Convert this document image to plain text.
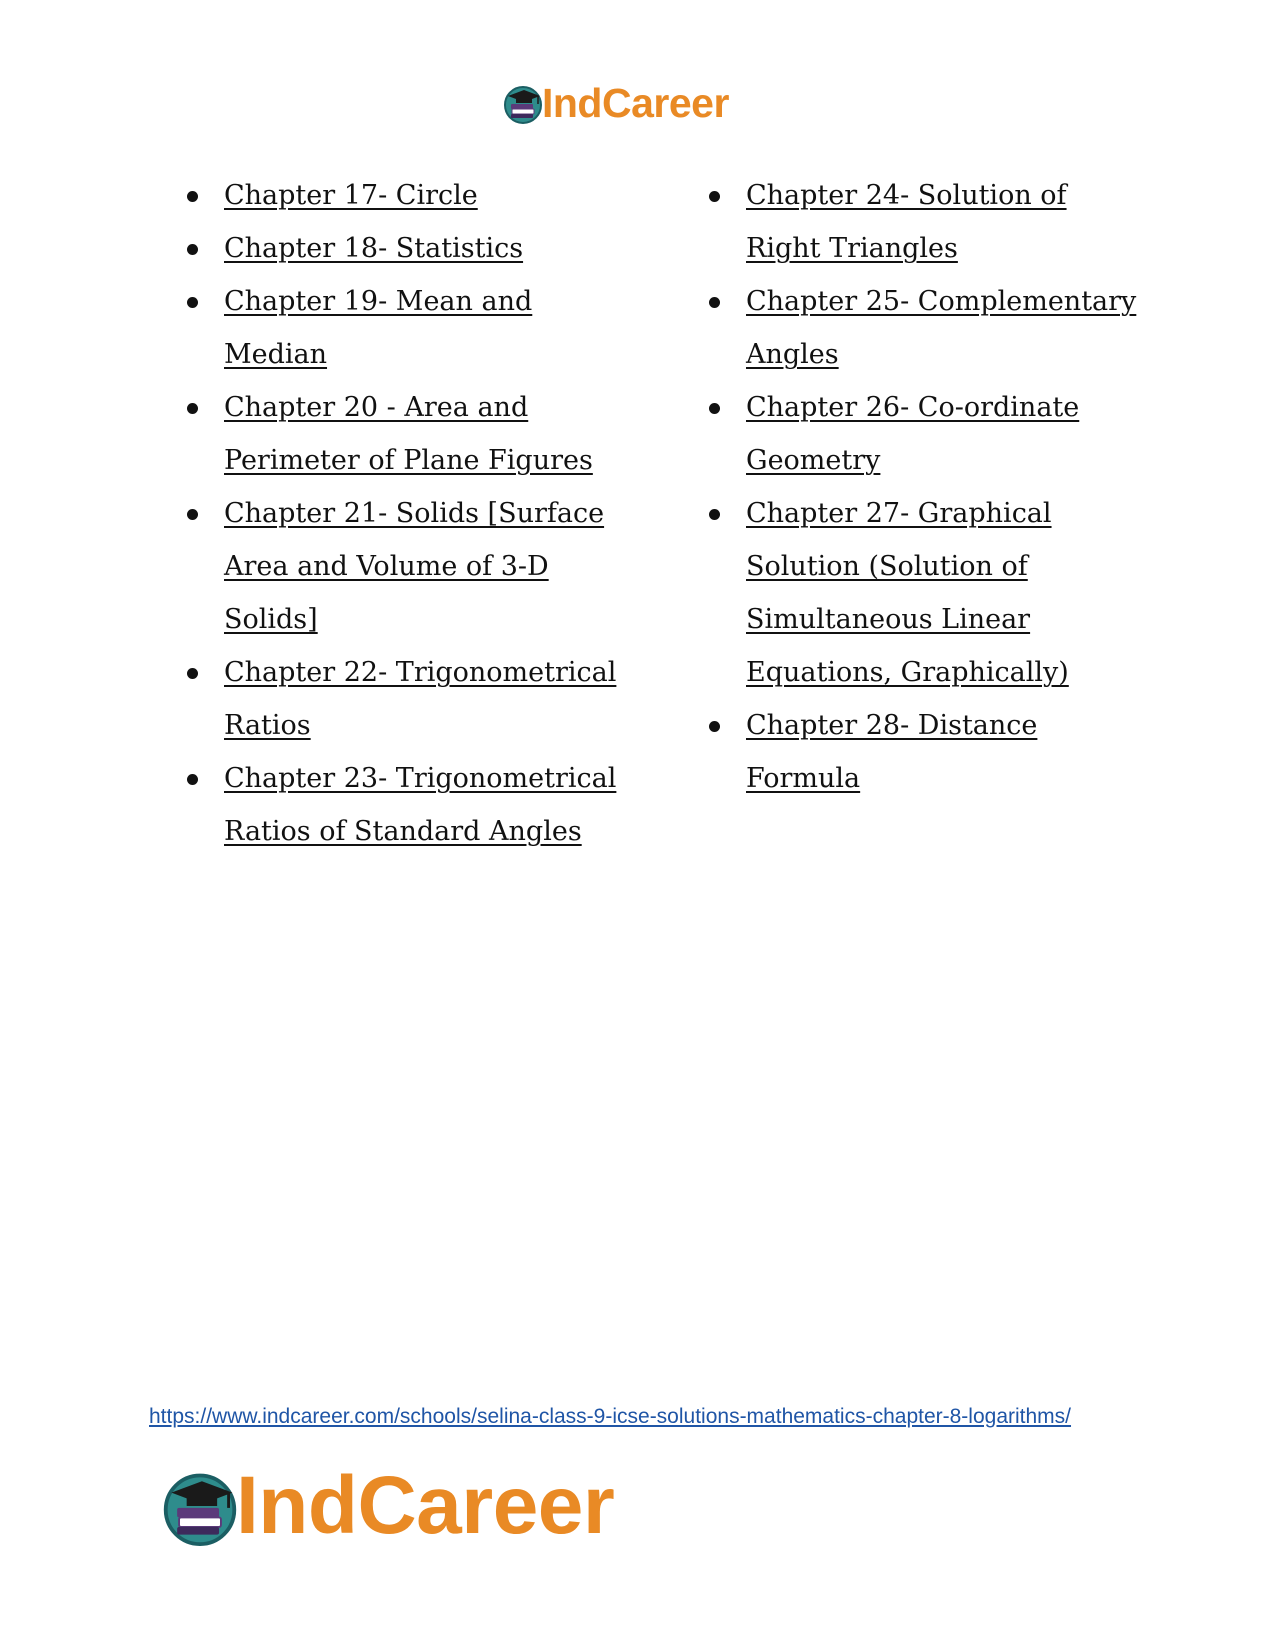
IndCareer
Chapter 17- Circle
Chapter 18- Statistics
Chapter 19- Mean and Median
Chapter 20 - Area and Perimeter of Plane Figures
Chapter 21- Solids [Surface Area and Volume of 3-D Solids]
Chapter 22- Trigonometrical Ratios
Chapter 23- Trigonometrical Ratios of Standard Angles
Chapter 24- Solution of Right Triangles
Chapter 25- Complementary Angles
Chapter 26- Co-ordinate Geometry
Chapter 27- Graphical Solution (Solution of Simultaneous Linear Equations, Graphically)
Chapter 28- Distance Formula
https://www.indcareer.com/schools/selina-class-9-icse-solutions-mathematics-chapter-8-logarithms/
IndCareer
